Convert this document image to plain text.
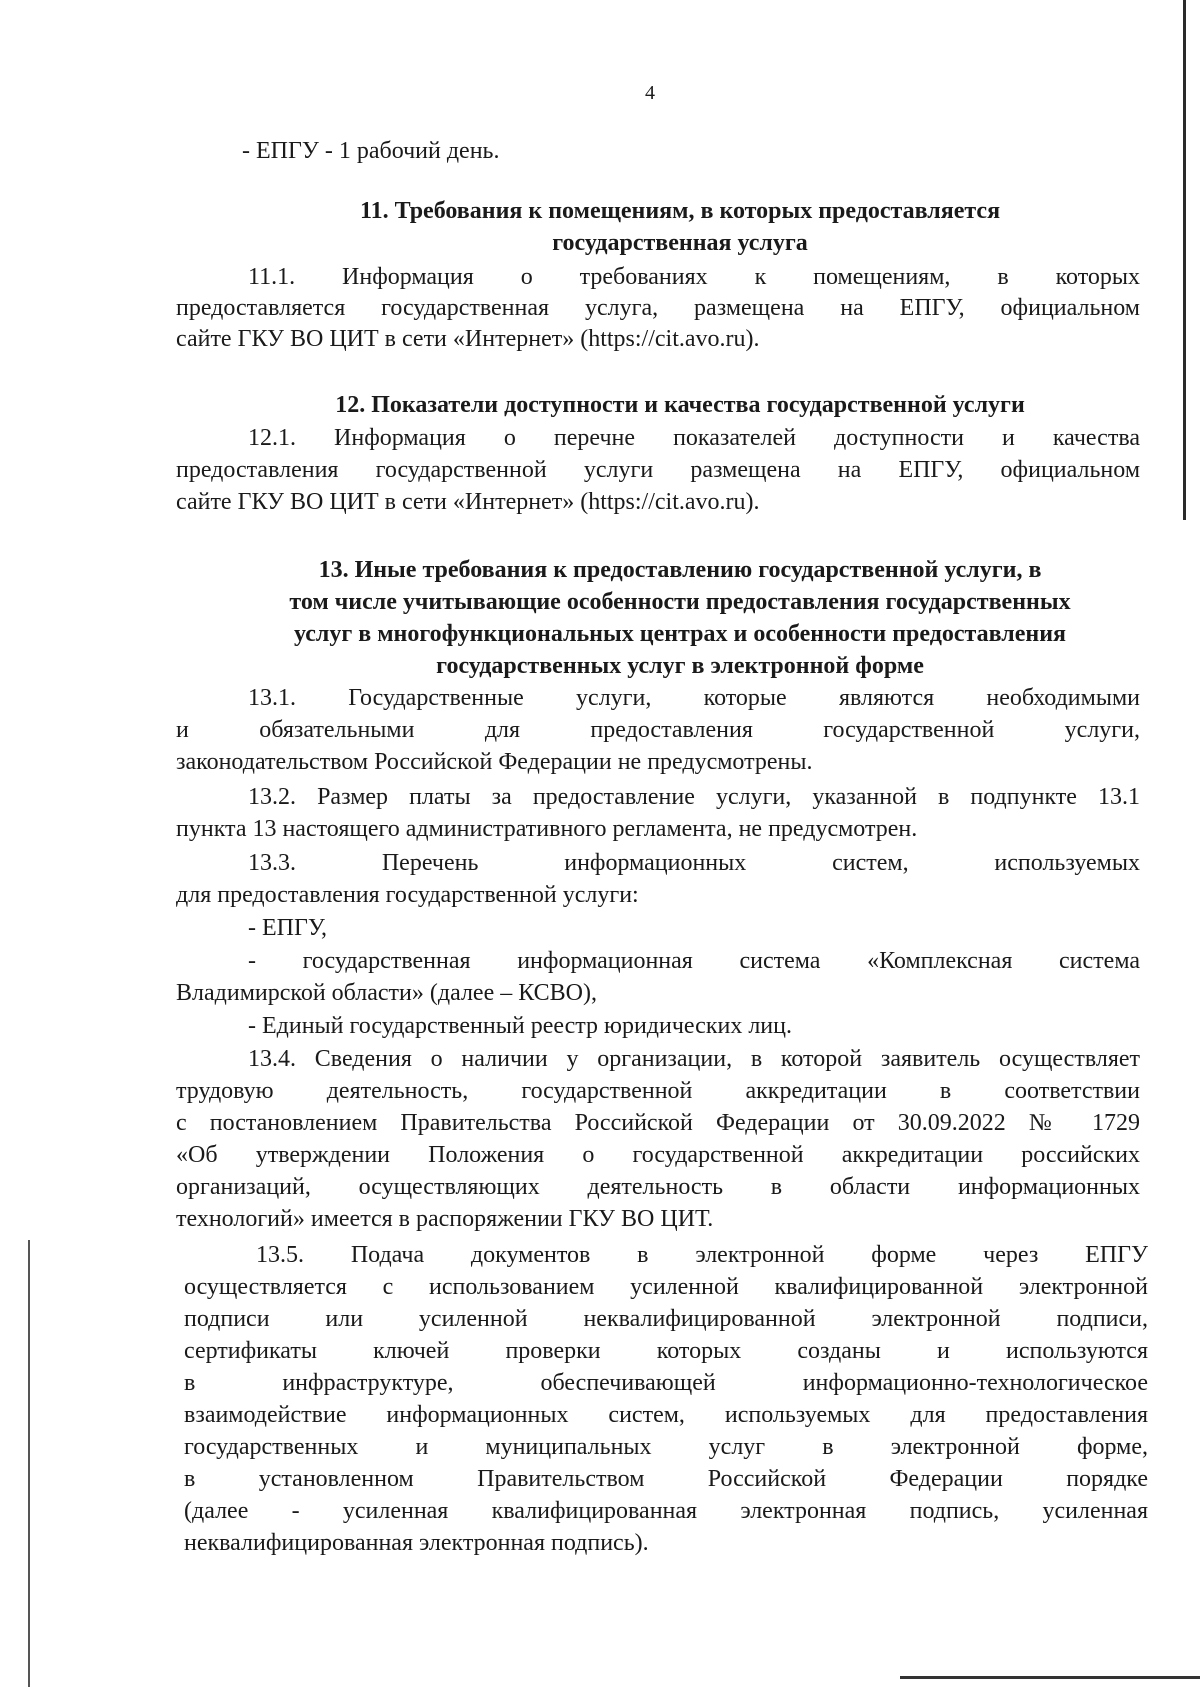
4
- ЕПГУ - 1 рабочий день.
11. Требования к помещениям, в которых предоставляется
государственная услуга
11.1. Информация о требованиях к помещениям, в которых
предоставляется государственная услуга, размещена на ЕПГУ, официальном
сайте ГКУ ВО ЦИТ в сети «Интернет» (https://cit.avo.ru).
12. Показатели доступности и качества государственной услуги
12.1. Информация о перечне показателей доступности и качества
предоставления государственной услуги размещена на ЕПГУ, официальном
сайте ГКУ ВО ЦИТ в сети «Интернет» (https://cit.avo.ru).
13. Иные требования к предоставлению государственной услуги, в
том числе учитывающие особенности предоставления государственных
услуг в многофункциональных центрах и особенности предоставления
государственных услуг в электронной форме
13.1. Государственные услуги, которые являются необходимыми
и обязательными для предоставления государственной услуги,
законодательством Российской Федерации не предусмотрены.
13.2. Размер платы за предоставление услуги, указанной в подпункте 13.1
пункта 13 настоящего административного регламента, не предусмотрен.
13.3. Перечень информационных систем, используемых
для предоставления государственной услуги:
- ЕПГУ,
- государственная информационная система «Комплексная система
Владимирской области» (далее – КСВО),
- Единый государственный реестр юридических лиц.
13.4. Сведения о наличии у организации, в которой заявитель осуществляет
трудовую деятельность, государственной аккредитации в соответствии
с постановлением Правительства Российской Федерации от 30.09.2022 № 1729
«Об утверждении Положения о государственной аккредитации российских
организаций, осуществляющих деятельность в области информационных
технологий» имеется в распоряжении ГКУ ВО ЦИТ.
13.5. Подача документов в электронной форме через ЕПГУ
осуществляется с использованием усиленной квалифицированной электронной
подписи или усиленной неквалифицированной электронной подписи,
сертификаты ключей проверки которых созданы и используются
в инфраструктуре, обеспечивающей информационно-технологическое
взаимодействие информационных систем, используемых для предоставления
государственных и муниципальных услуг в электронной форме,
в установленном Правительством Российской Федерации порядке
(далее - усиленная квалифицированная электронная подпись, усиленная
неквалифицированная электронная подпись).
